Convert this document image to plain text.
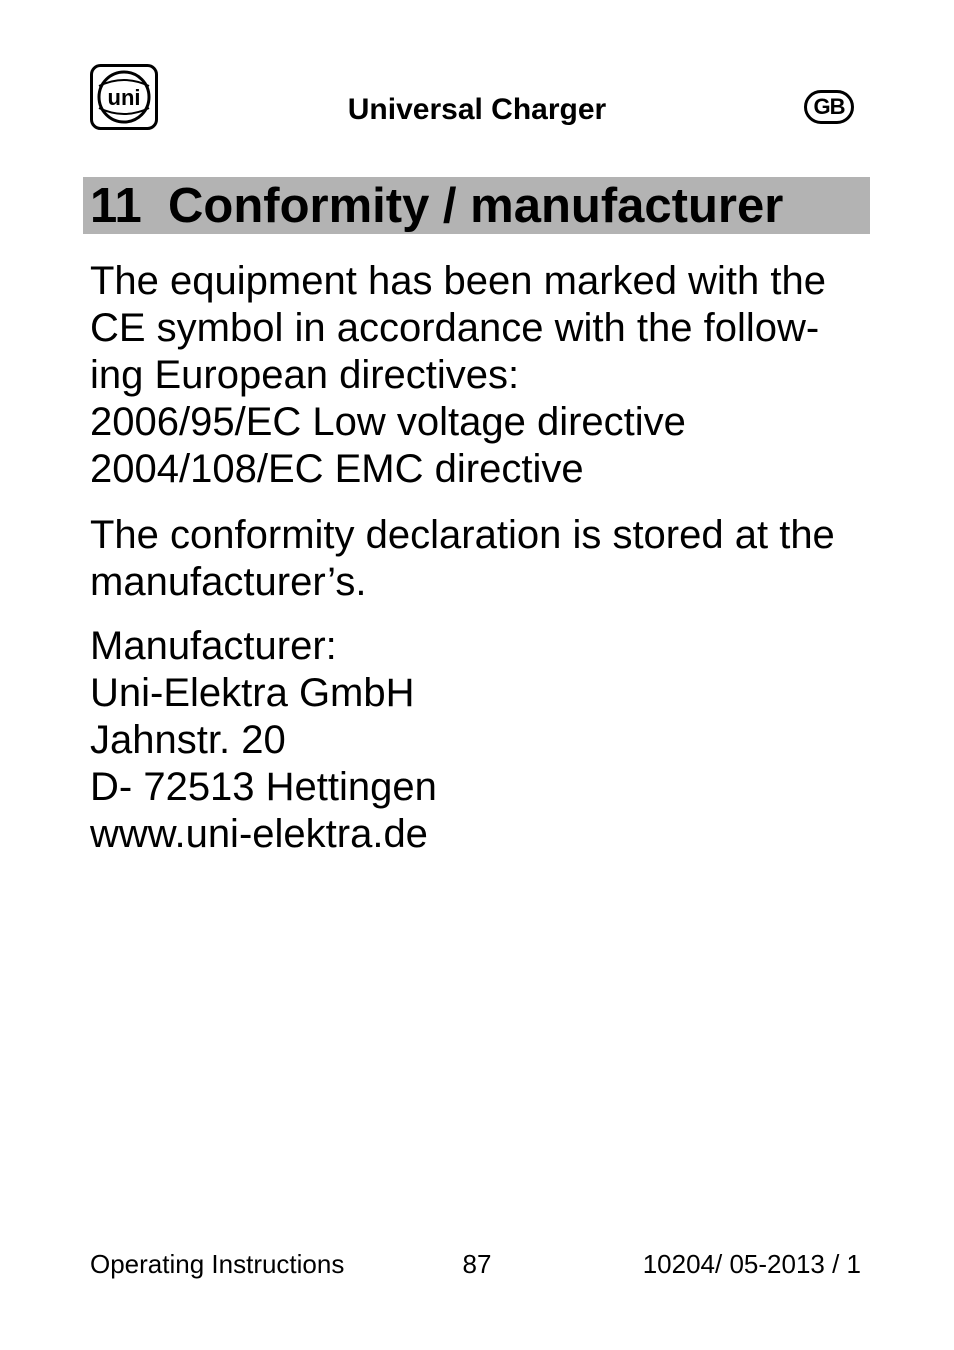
uni	Universal Charger	GB
11 Conformity / manufacturer

The equipment has been marked with the
CE symbol in accordance with the follow-
ing European directives:
2006/95/EC Low voltage directive
2004/108/EC EMC directive

The conformity declaration is stored at the
manufacturer’s.

Manufacturer:
Uni-Elektra GmbH
Jahnstr. 20
D- 72513 Hettingen
www.uni-elektra.de

Operating Instructions	87	10204/ 05-2013 / 1
